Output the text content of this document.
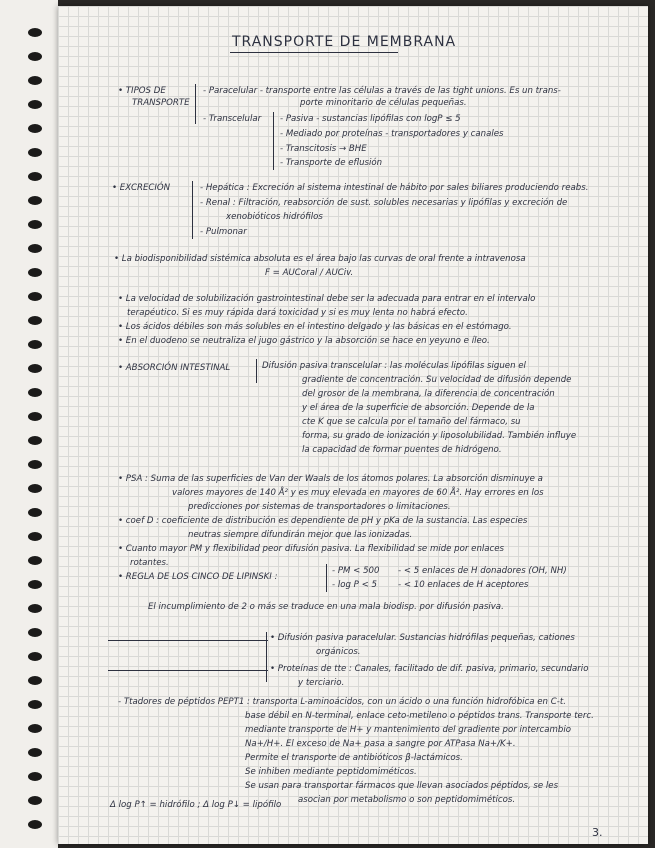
TRANSPORTE DE MEMBRANA
• TIPOS DE
TRANSPORTE
- Paracelular - transporte entre las células a través de las tight unions. Es un trans-
porte minoritario de células pequeñas.
- Transcelular - Pasiva - sustancias lipófilas con logP ≤ 5
- Mediado por proteínas - transportadores y canales
- Transcitosis → BHE
- Transporte de eflusión
• EXCRECIÓN	- Hepática : Excreción al sistema intestinal de hábito por sales biliares produciendo reabs.
- Renal : Filtración, reabsorción de sust. solubles necesarias y lipófilas y excreción de
xenobióticos hidrófilos
- Pulmonar
• La biodisponibilidad sistémica absoluta es el área bajo las curvas de oral frente a intravenosa
F = AUCoral / AUCiv.
• La velocidad de solubilización gastrointestinal debe ser la adecuada para entrar en el intervalo
terapéutico. Si es muy rápida dará toxicidad y si es muy lenta no habrá efecto.
• Los ácidos débiles son más solubles en el intestino delgado y las básicas en el estómago.
• En el duodeno se neutraliza el jugo gástrico y la absorción se hace en yeyuno e íleo.
• ABSORCIÓN INTESTINAL	Difusión pasiva transcelular : las moléculas lipófilas siguen el
gradiente de concentración. Su velocidad de difusión depende
del grosor de la membrana, la diferencia de concentración
y el área de la superficie de absorción. Depende de la
cte K que se calcula por el tamaño del fármaco, su
forma, su grado de ionización y liposolubilidad. También influye
la capacidad de formar puentes de hidrógeno.
• PSA : Suma de las superficies de Van der Waals de los átomos polares. La absorción disminuye a
valores mayores de 140 Å² y es muy elevada en mayores de 60 Å². Hay errores en los
predicciones por sistemas de transportadores o limitaciones.
• coef D : coeficiente de distribución es dependiente de pH y pKa de la sustancia. Las especies
neutras siempre difundirán mejor que las ionizadas.
• Cuanto mayor PM y flexibilidad peor difusión pasiva. La flexibilidad se mide por enlaces
rotantes.
• REGLA DE LOS CINCO DE LIPINSKI :
- PM < 500
- log P < 5
- < 5 enlaces de H donadores (OH, NH)
- < 10 enlaces de H aceptores
El incumplimiento de 2 o más se traduce en una mala biodisp. por difusión pasiva.
• Difusión pasiva paracelular. Sustancias hidrófilas pequeñas, cationes
orgánicos.
• Proteínas de tte : Canales, facilitado de dif. pasiva, primario, secundario
y terciario.
- Ttadores de péptidos PEPT1 : transporta L-aminoácidos, con un ácido o una función hidrofóbica en C-t.
base débil en N-terminal, enlace ceto-metileno o péptidos trans. Transporte terc.
mediante transporte de H+ y mantenimiento del gradiente por intercambio
Na+/H+. El exceso de Na+ pasa a sangre por ATPasa Na+/K+.
Permite el transporte de antibióticos β-lactámicos.
Se inhiben mediante peptidomiméticos.
Se usan para transportar fármacos que llevan asociados péptidos, se les
asocian por metabolismo o son peptidomiméticos.
Δ log P↑ = hidrófilo ; Δ log P↓ = lipófilo
3.
